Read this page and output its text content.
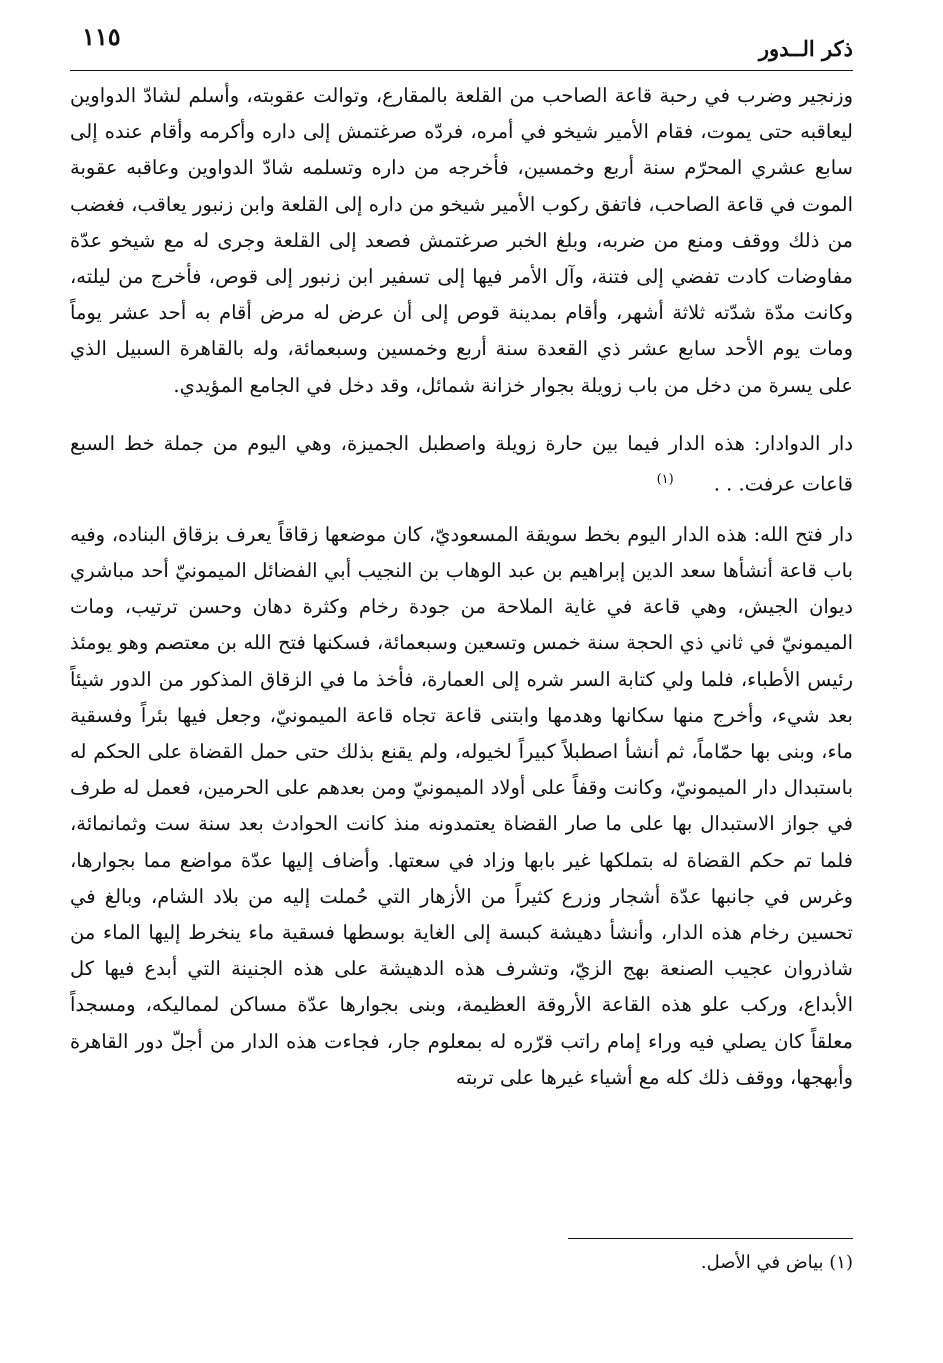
ذكر الــدور
١١٥

وزنجير وضرب في رحبة قاعة الصاحب من القلعة بالمقارع، وتوالت عقوبته، وأسلم لشادّ الدواوين ليعاقبه حتى يموت، فقام الأمير شيخو في أمره، فردّه صرغتمش إلى داره وأكرمه وأقام عنده إلى سابع عشري المحرّم سنة أربع وخمسين، فأخرجه من داره وتسلمه شادّ الدواوين وعاقبه عقوبة الموت في قاعة الصاحب، فاتفق ركوب الأمير شيخو من داره إلى القلعة وابن زنبور يعاقب، فغضب من ذلك ووقف ومنع من ضربه، وبلغ الخبر صرغتمش فصعد إلى القلعة وجرى له مع شيخو عدّة مفاوضات كادت تفضي إلى فتنة، وآل الأمر فيها إلى تسفير ابن زنبور إلى قوص، فأخرج من ليلته، وكانت مدّة شدّته ثلاثة أشهر، وأقام بمدينة قوص إلى أن عرض له مرض أقام به أحد عشر يوماً ومات يوم الأحد سابع عشر ذي القعدة سنة أربع وخمسين وسبعمائة، وله بالقاهرة السبيل الذي على يسرة من دخل من باب زويلة بجوار خزانة شمائل، وقد دخل في الجامع المؤيدي.

دار الدوادار: هذه الدار فيما بين حارة زويلة واصطبل الجميزة، وهي اليوم من جملة خط السبع قاعات عرفت. . .$^{(١)}$

دار فتح الله: هذه الدار اليوم بخط سويقة المسعوديّ، كان موضعها زقاقاً يعرف بزقاق البناده، وفيه باب قاعة أنشأها سعد الدين إبراهيم بن عبد الوهاب بن النجيب أبي الفضائل الميمونيّ أحد مباشري ديوان الجيش، وهي قاعة في غاية الملاحة من جودة رخام وكثرة دهان وحسن ترتيب، ومات الميمونيّ في ثاني ذي الحجة سنة خمس وتسعين وسبعمائة، فسكنها فتح الله بن معتصم وهو يومئذ رئيس الأطباء، فلما ولي كتابة السر شره إلى العمارة، فأخذ ما في الزقاق المذكور من الدور شيئاً بعد شيء، وأخرج منها سكانها وهدمها وابتنى قاعة تجاه قاعة الميمونيّ، وجعل فيها بئراً وفسقية ماء، وبنى بها حمّاماً، ثم أنشأ اصطبلاً كبيراً لخيوله، ولم يقنع بذلك حتى حمل القضاة على الحكم له باستبدال دار الميمونيّ، وكانت وقفاً على أولاد الميمونيّ ومن بعدهم على الحرمين، فعمل له طرف في جواز الاستبدال بها على ما صار القضاة يعتمدونه منذ كانت الحوادث بعد سنة ست وثمانمائة، فلما تم حكم القضاة له بتملكها غير بابها وزاد في سعتها. وأضاف إليها عدّة مواضع مما بجوارها، وغرس في جانبها عدّة أشجار وزرع كثيراً من الأزهار التي حُملت إليه من بلاد الشام، وبالغ في تحسين رخام هذه الدار، وأنشأ دهيشة كبسة إلى الغاية بوسطها فسقية ماء ينخرط إليها الماء من شاذروان عجيب الصنعة بهج الزيّ، وتشرف هذه الدهيشة على هذه الجنينة التي أبدع فيها كل الأبداع، وركب علو هذه القاعة الأروقة العظيمة، وبنى بجوارها عدّة مساكن لمماليكه، ومسجداً معلقاً كان يصلي فيه وراء إمام راتب قرّره له بمعلوم جار، فجاءت هذه الدار من أجلّ دور القاهرة وأبهجها، ووقف ذلك كله مع أشياء غيرها على تربته

(١) بياض في الأصل.
